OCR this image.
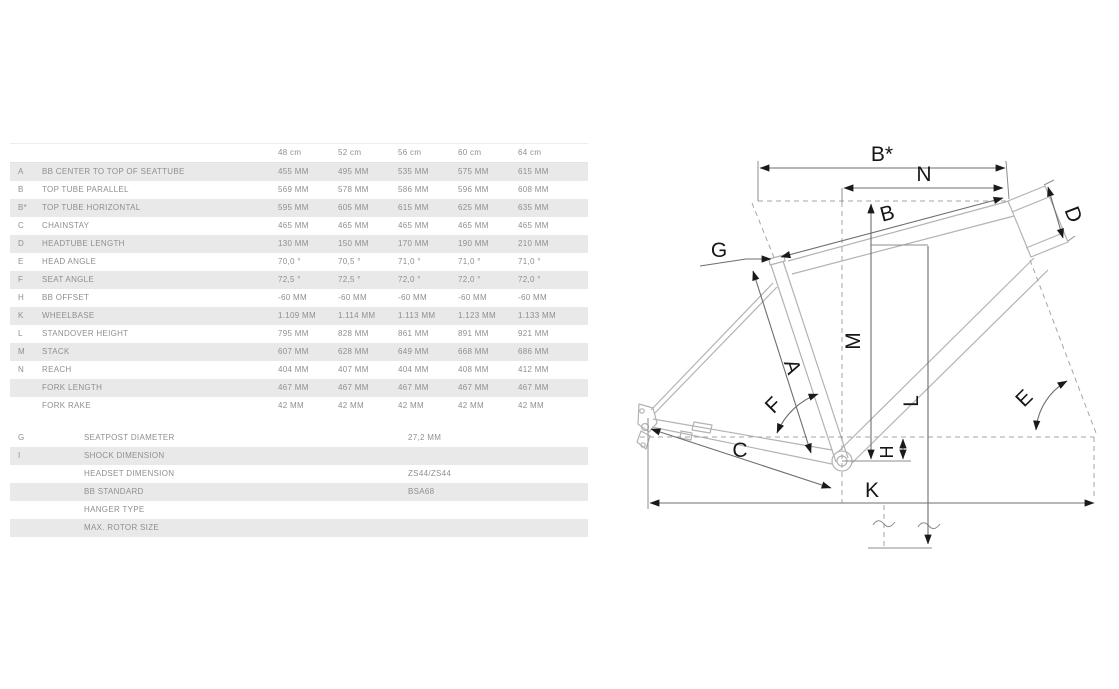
48 cm	52 cm	56 cm	60 cm	64 cm
A	BB CENTER TO TOP OF SEATTUBE	455 MM	495 MM	535 MM	575 MM	615 MM
B	TOP TUBE PARALLEL	569 MM	578 MM	586 MM	596 MM	608 MM
B*	TOP TUBE HORIZONTAL	595 MM	605 MM	615 MM	625 MM	635 MM
C	CHAINSTAY	465 MM	465 MM	465 MM	465 MM	465 MM
D	HEADTUBE LENGTH	130 MM	150 MM	170 MM	190 MM	210 MM
E	HEAD ANGLE	70,0 °	70,5 °	71,0 °	71,0 °	71,0 °
F	SEAT ANGLE	72,5 °	72,5 °	72,0 °	72,0 °	72,0 °
H	BB OFFSET	-60 MM	-60 MM	-60 MM	-60 MM	-60 MM
K	WHEELBASE	1.109 MM	1.114 MM	1.113 MM	1.123 MM	1.133 MM
L	STANDOVER HEIGHT	795 MM	828 MM	861 MM	891 MM	921 MM
M	STACK	607 MM	628 MM	649 MM	668 MM	686 MM
N	REACH	404 MM	407 MM	404 MM	408 MM	412 MM
FORK LENGTH	467 MM	467 MM	467 MM	467 MM	467 MM
FORK RAKE	42 MM	42 MM	42 MM	42 MM	42 MM
G	SEATPOST DIAMETER	27,2 MM
I	SHOCK DIMENSION
HEADSET DIMENSION	ZS44/ZS44
BB STANDARD	BSA68
HANGER TYPE
MAX. ROTOR SIZE
B*
N
B	D
G
M
A
F	L
H
E
C
K
